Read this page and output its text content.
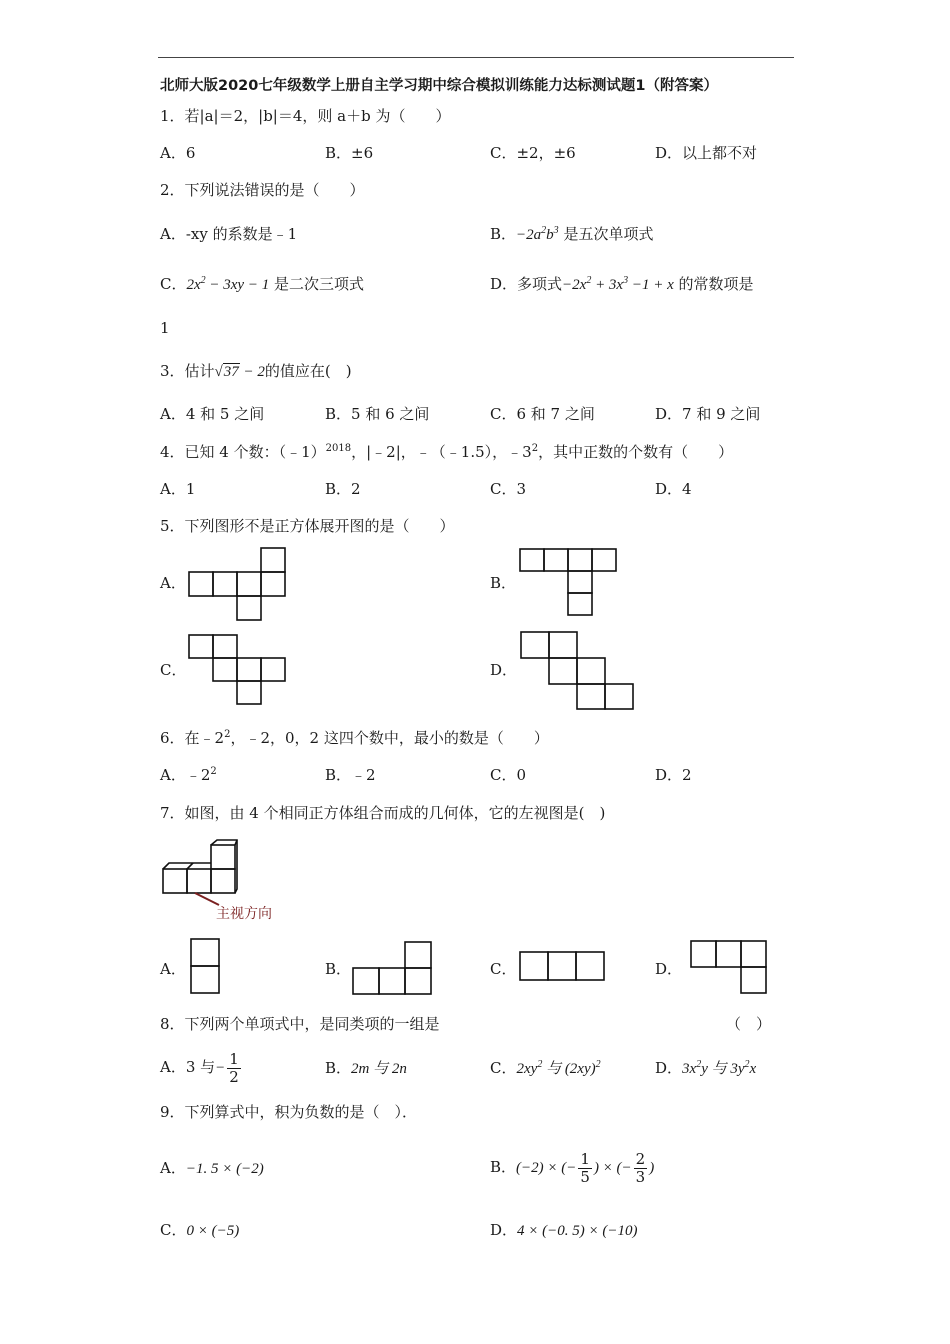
北师大版2020七年级数学上册自主学习期中综合模拟训练能力达标测试题1（附答案）
1．若|a|＝2，|b|＝4，则 a＋b 为（　　）
A．6	B．±6	C．±2，±6	D．以上都不对
2．下列说法错误的是（　　）
A．-xy 的系数是﹣1	B．$-2a^2b^3$ 是五次单项式
C．$2x^2 - 3xy - 1$ 是二次三项式	D．多项式$-2x^2 + 3x^3 -1 + x$ 的常数项是
1
3．估计√37 − 2的值应在(　)
A．4 和 5 之间	B．5 和 6 之间	C．6 和 7 之间	D．7 和 9 之间
4．已知 4 个数：（﹣1）$^{2018}$，|﹣2|，﹣（﹣1.5），$﹣3^2$，其中正数的个数有（　　）
A．1	B．2	C．3	D．4
5．下列图形不是正方体展开图的是（　　）
A．	B．
C．	D．
6．在$﹣2^2$，﹣2，0，2 这四个数中，最小的数是（　　）
A．$﹣2^2$	B．﹣2	C．0	D．2
7．如图，由 4 个相同正方体组合而成的几何体，它的左视图是(　)
主视方向
A．	B．	C．	D．
8．下列两个单项式中，是同类项的一组是	（　）
A．3 与− $\frac{1}{2}$	B．2m 与 2n	C．$2xy^2$ 与 $(2xy)^2$	D．$3x^2y$ 与 $3y^2x$
9．下列算式中，积为负数的是（　）．
A．−1. 5 × (−2)	B．(−2) × (− $\frac{1}{5}$ ) × (− $\frac{2}{3}$ )
C．0 × (−5)	D．4 × (−0. 5) × (−10)
